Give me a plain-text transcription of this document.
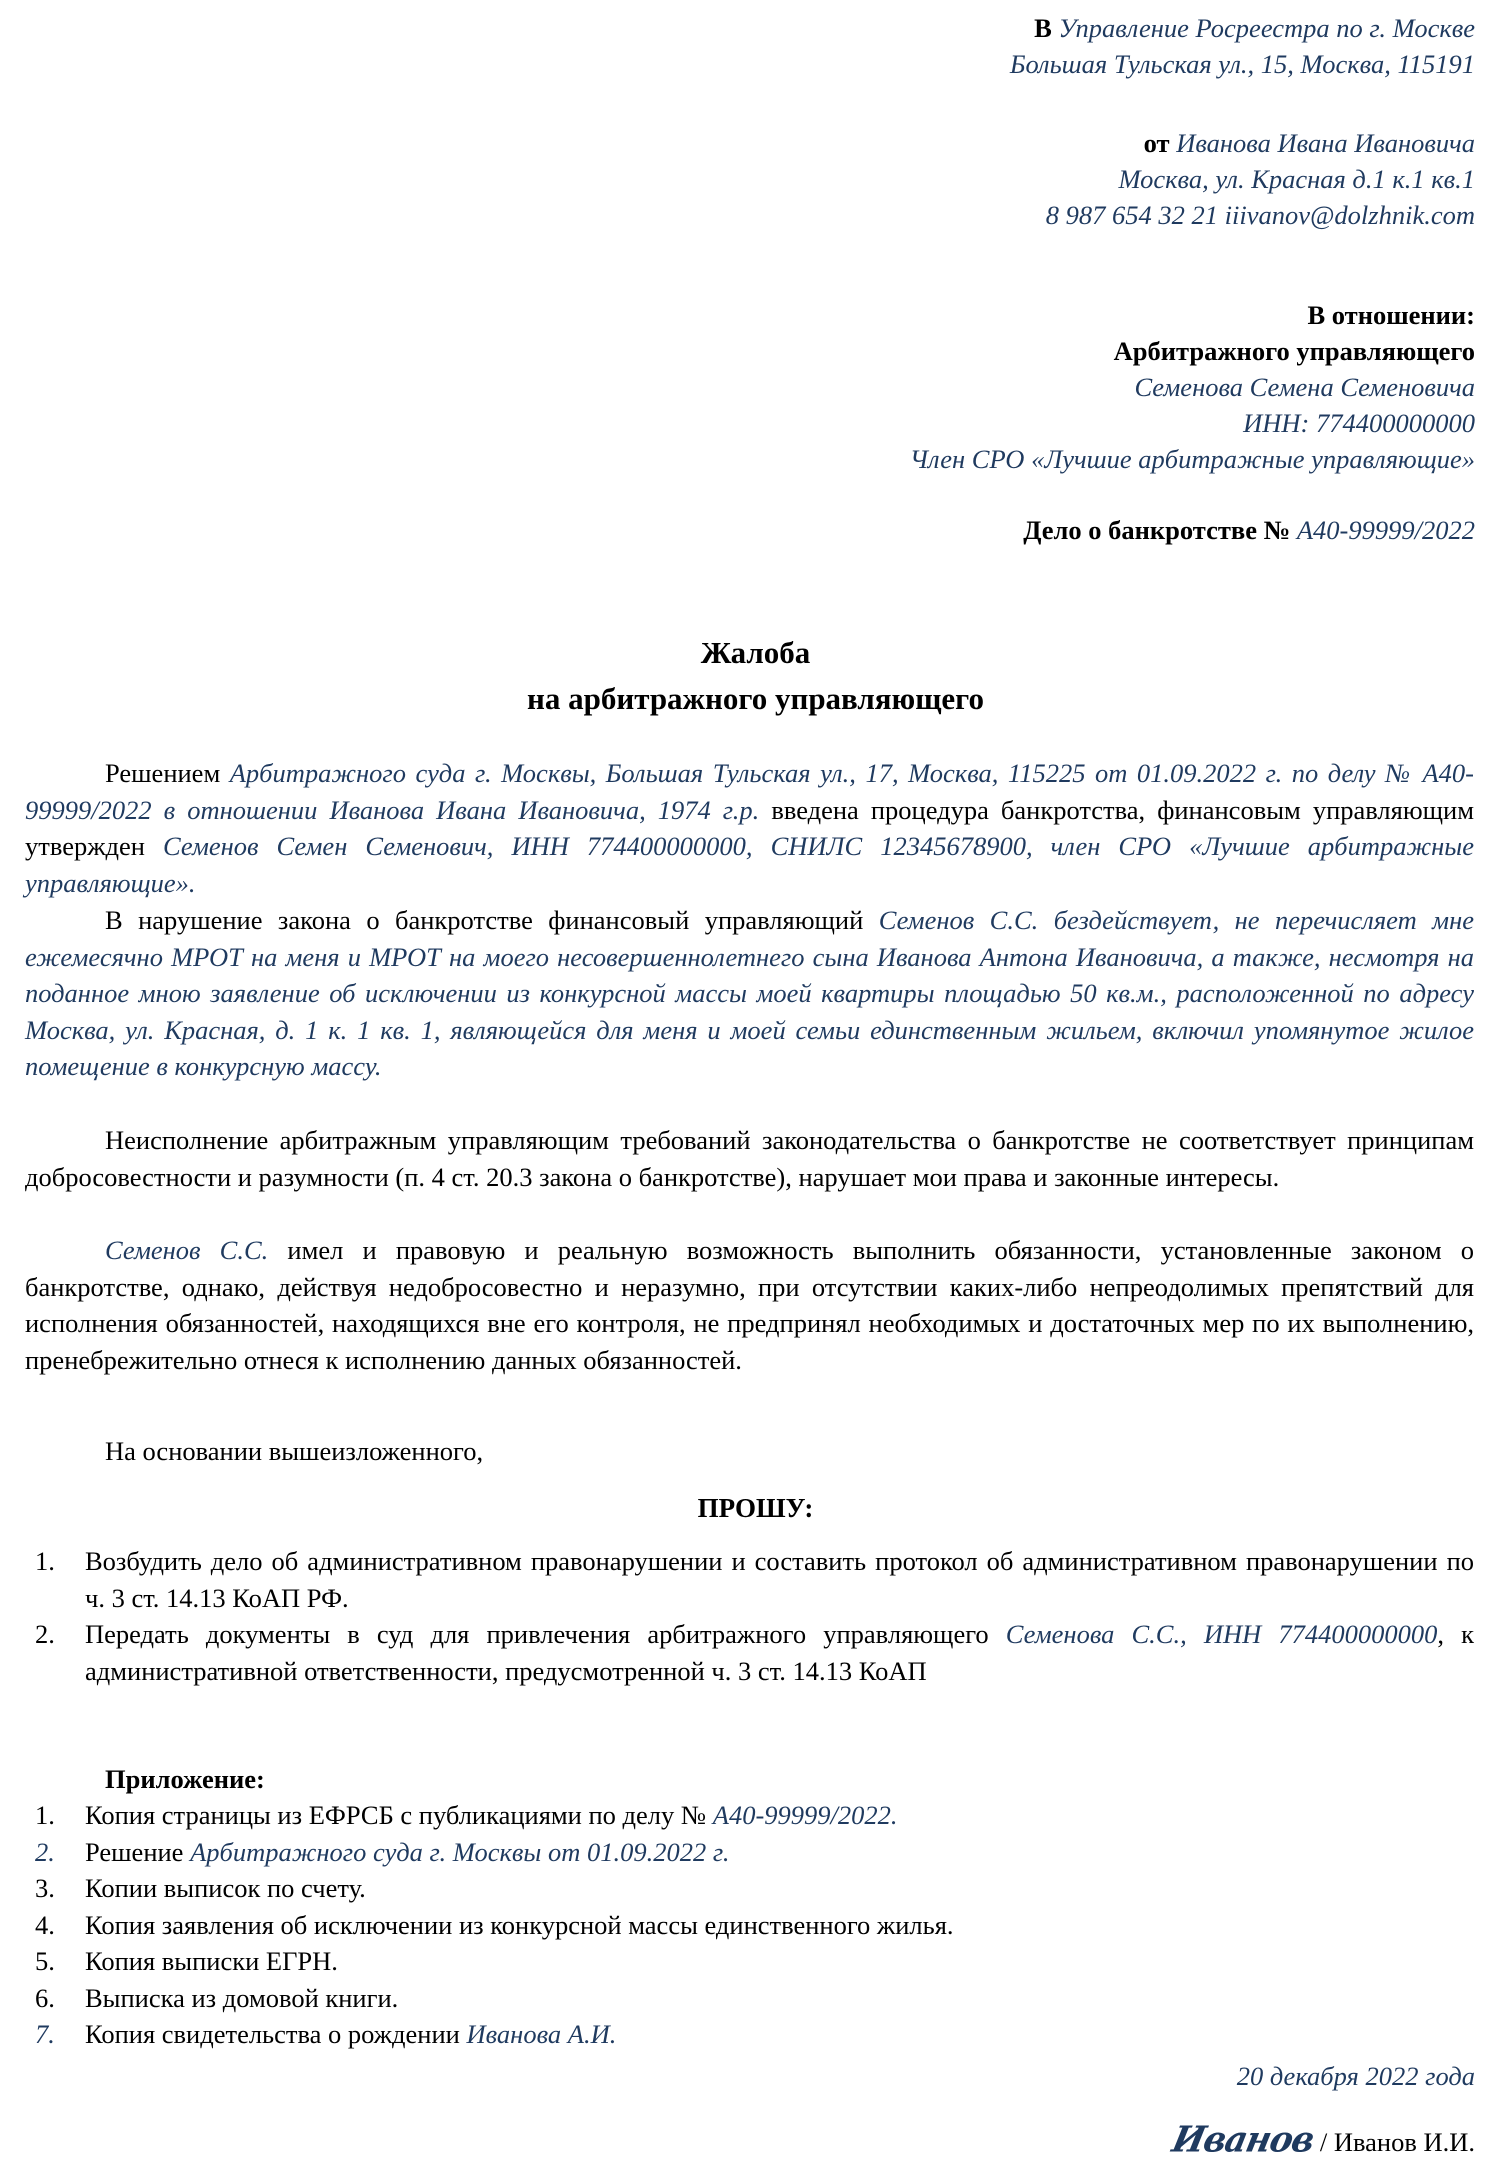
В Управление Росреестра по г. Москве
Большая Тульская ул., 15, Москва, 115191
от Иванова Ивана Ивановича
Москва, ул. Красная д.1 к.1 кв.1
8 987 654 32 21 iiivanov@dolzhnik.com
В отношении:
Арбитражного управляющего
Семенова Семена Семеновича
ИНН: 774400000000
Член СРО «Лучшие арбитражные управляющие»
Дело о банкротстве № А40-99999/2022
Жалоба
на арбитражного управляющего

Решением Арбитражного суда г. Москвы, Большая Тульская ул., 17, Москва, 115225 от 01.09.2022 г. по делу № А40-99999/2022 в отношении Иванова Ивана Ивановича, 1974 г.р. введена процедура банкротства, финансовым управляющим утвержден Семенов Семен Семенович, ИНН 774400000000, СНИЛС 12345678900, член СРО «Лучшие арбитражные управляющие».

В нарушение закона о банкротстве финансовый управляющий Семенов С.С. бездействует, не перечисляет мне ежемесячно МРОТ на меня и МРОТ на моего несовершеннолетнего сына Иванова Антона Ивановича, а также, несмотря на поданное мною заявление об исключении из конкурсной массы моей квартиры площадью 50 кв.м., расположенной по адресу Москва, ул. Красная, д. 1 к. 1 кв. 1, являющейся для меня и моей семьи единственным жильем, включил упомянутое жилое помещение в конкурсную массу.

Неисполнение арбитражным управляющим требований законодательства о банкротстве не соответствует принципам добросовестности и разумности (п. 4 ст. 20.3 закона о банкротстве), нарушает мои права и законные интересы.

Семенов С.С. имел и правовую и реальную возможность выполнить обязанности, установленные законом о банкротстве, однако, действуя недобросовестно и неразумно, при отсутствии каких-либо непреодолимых препятствий для исполнения обязанностей, находящихся вне его контроля, не предпринял необходимых и достаточных мер по их выполнению, пренебрежительно отнеся к исполнению данных обязанностей.

На основании вышеизложенного,

ПРОШУ:
1. Возбудить дело об административном правонарушении и составить протокол об административном правонарушении по ч. 3 ст. 14.13 КоАП РФ.
2. Передать документы в суд для привлечения арбитражного управляющего Семенова С.С., ИНН 774400000000, к административной ответственности, предусмотренной ч. 3 ст. 14.13 КоАП
Приложение:
1. Копия страницы из ЕФРСБ с публикациями по делу № А40-99999/2022.
2. Решение Арбитражного суда г. Москвы от 01.09.2022 г.
3. Копии выписок по счету.
4. Копия заявления об исключении из конкурсной массы единственного жилья.
5. Копия выписки ЕГРН.
6. Выписка из домовой книги.
7. Копия свидетельства о рождении Иванова А.И.
20 декабря 2022 года
Иванов / Иванов И.И.
